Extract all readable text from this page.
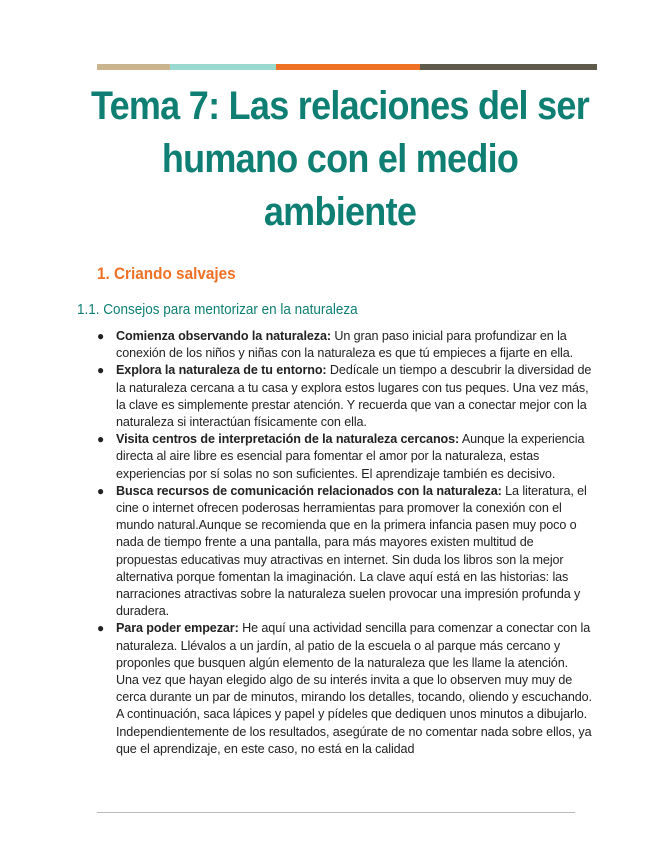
Tema 7: Las relaciones del ser
humano con el medio
ambiente
1. Criando salvajes
1.1. Consejos para mentorizar en la naturaleza
● Comienza observando la naturaleza: Un gran paso inicial para profundizar en la conexión de los niños y niñas con la naturaleza es que tú empieces a fijarte en ella.
● Explora la naturaleza de tu entorno: Dedícale un tiempo a descubrir la diversidad de la naturaleza cercana a tu casa y explora estos lugares con tus peques. Una vez más, la clave es simplemente prestar atención. Y recuerda que van a conectar mejor con la naturaleza si interactúan físicamente con ella.
● Visita centros de interpretación de la naturaleza cercanos: Aunque la experiencia directa al aire libre es esencial para fomentar el amor por la naturaleza, estas experiencias por sí solas no son suficientes. El aprendizaje también es decisivo.
● Busca recursos de comunicación relacionados con la naturaleza: La literatura, el cine o internet ofrecen poderosas herramientas para promover la conexión con el mundo natural.Aunque se recomienda que en la primera infancia pasen muy poco o nada de tiempo frente a una pantalla, para más mayores existen multitud de propuestas educativas muy atractivas en internet. Sin duda los libros son la mejor alternativa porque fomentan la imaginación. La clave aquí está en las historias: las narraciones atractivas sobre la naturaleza suelen provocar una impresión profunda y duradera.
● Para poder empezar: He aquí una actividad sencilla para comenzar a conectar con la naturaleza. Llévalos a un jardín, al patio de la escuela o al parque más cercano y proponles que busquen algún elemento de la naturaleza que les llame la atención. Una vez que hayan elegido algo de su interés invita a que lo observen muy muy de cerca durante un par de minutos, mirando los detalles, tocando, oliendo y escuchando. A continuación, saca lápices y papel y pídeles que dediquen unos minutos a dibujarlo. Independientemente de los resultados, asegúrate de no comentar nada sobre ellos, ya que el aprendizaje, en este caso, no está en la calidad
